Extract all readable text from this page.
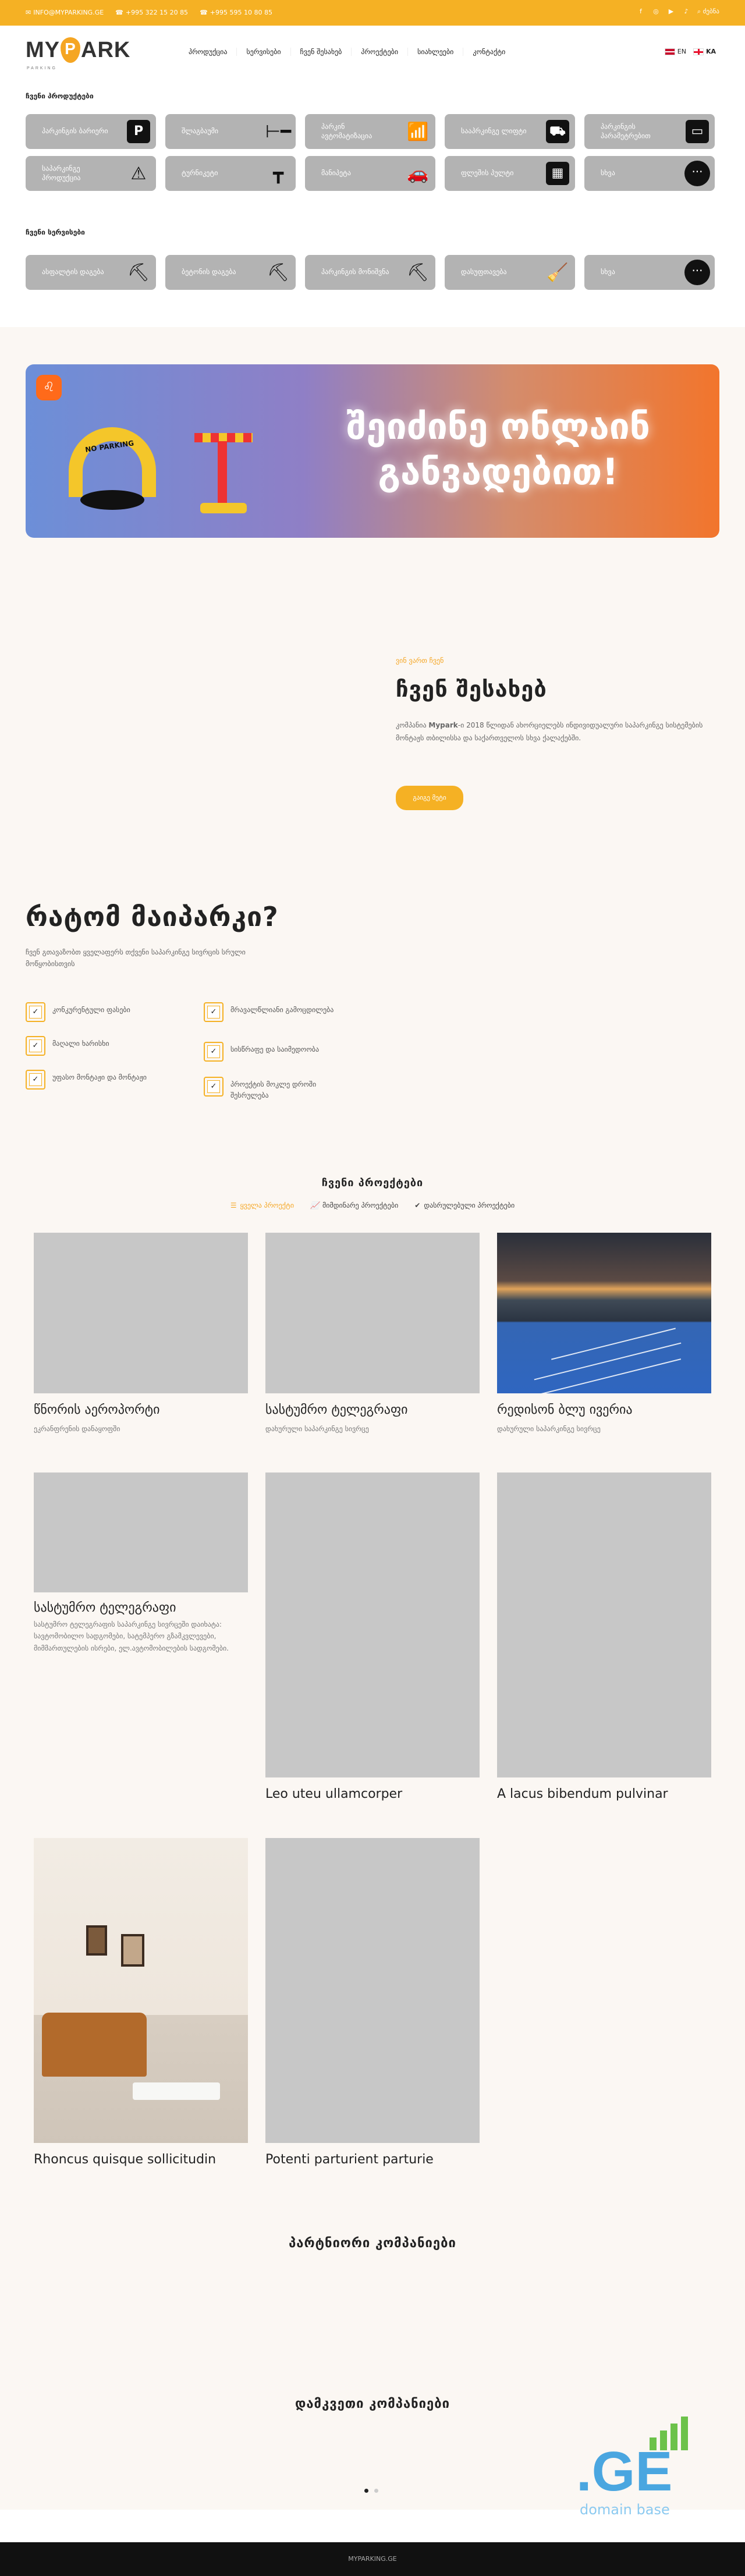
✉ INFO@MYPARKING.GE ☎ +995 322 15 20 85 ☎ +995 595 10 80 85	f	◎ ▶	♪	⌕ ძებნა
MY P ARK
PARKING
პროდუქცია	სერვისები	ჩვენ შესახებ	პროექტები	სიახლეები	კონტაქტი	EN	KA
ჩვენი პროდუქტები
პარკინგის ბარიერი	P	შლაგბაუმი	⊢━	პარკინ ავტომატიზაცია	📶	სააპრკინგე ლიფტი	⛟	პარკინგის პარამეტრებით	▭
საპარკინგე პროდუქცია	⚠	ტურნიკეტი	┳	მანიპეტა	🚗	ფლეშის პულტი	▦	სხვა	···
ჩვენი სერვისები
ასფალტის დაგება	⛏	ბეტონის დაგება	⛏	პარკინგის მონიშვნა	⛏	დასუფთავება	🧹	სხვა	···
♌
NO PARKING	შეიძინე ონლაინ
განვადებით!
ვინ ვართ ჩვენ
ჩვენ შესახებ
კომპანია Mypark-ი 2018 წლიდან ახორციელებს ინდივიდუალური საპარკინგე სისტემების მონტაჟს თბილისსა და საქართველოს სხვა ქალაქებში.
გაიგე მეტი
რატომ მაიპარკი?
ჩვენ გთავაზობთ ყველაფერს თქვენი საპარკინგე სივრცის სრული მოწყობისთვის
✓	კონკურენტული ფასები
✓	მაღალი ხარისხი
✓	უფასო მონტაჟი და მონტაჟი
✓	მრავალწლიანი გამოცდილება
✓	სისწრაფე და საიმედოობა
✓	პროექტის მოკლე დროში შესრულება
ჩვენი პროექტები
☰ ყველა პროექტი 📈 მიმდინარე პროექტები ✔ დასრულებული პროექტები
წნორის აეროპორტი
ეკრანფრენის დანაყოფში
სასტუმრო ტელეგრაფი
დახურული საპარკინგე სივრცე
რედისონ ბლუ ივერია
დახურული საპარკინგე სივრცე
სასტუმრო ტელეგრაფი
სასტუმრო ტელეგრაფის საპარკინგე სივრცეში დაიხატა: სავტომობილო სადგომები, სატემპერო გზამკვლევები, მიმმართულების ისრები, ელ.ავტომობილების სადგომები.
Leo uteu ullamcorper	A lacus bibendum pulvinar
Rhoncus quisque sollicitudin	Potenti parturient parturie
პარტნიორი კომპანიები
დამკვეთი კომპანიები
.GE
domain base
MYPARKING.GE
